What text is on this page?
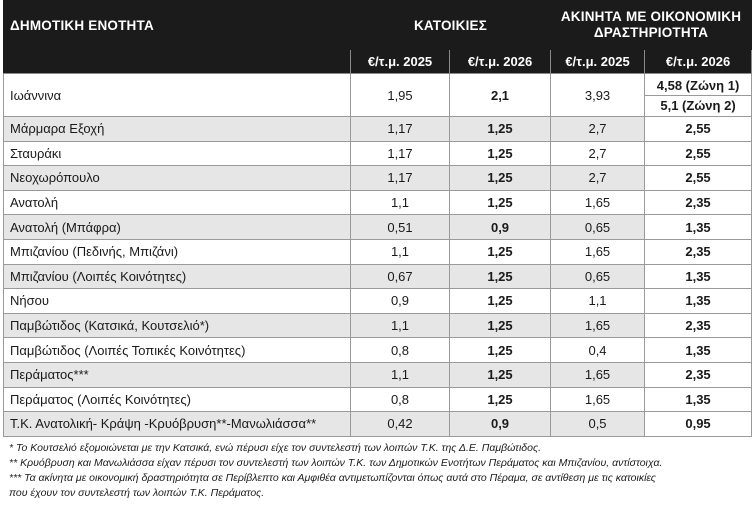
ΔΗΜΟΤΙΚΗ ΕΝΟΤΗΤΑ	ΚΑΤΟΙΚΙΕΣ		ΑΚΙΝΗΤΑ ΜΕ ΟΙΚΟΝΟΜΙΚΗ ΔΡΑΣΤΗΡΙΟΤΗΤΑ	
	€/τ.μ. 2025	€/τ.μ. 2026	€/τ.μ. 2025	€/τ.μ. 2026
Ιωάννινα	1,95	2,1	3,93	4,58 (Ζώνη 1)
5,1 (Ζώνη 2)

Μάρμαρα Εξοχή	1,17	1,25	2,7	2,55
Σταυράκι	1,17	1,25	2,7	2,55
Νεοχωρόπουλο	1,17	1,25	2,7	2,55
Ανατολή	1,1	1,25	1,65	2,35
Ανατολή (Μπάφρα)	0,51	0,9	0,65	1,35
Μπιζανίου (Πεδινής, Μπιζάνι)	1,1	1,25	1,65	2,35
Μπιζανίου (Λοιπές Κοινότητες)	0,67	1,25	0,65	1,35
Νήσου	0,9	1,25	1,1	1,35
Παμβώτιδος (Κατσικά, Κουτσελιό*)	1,1	1,25	1,65	2,35
Παμβώτιδος (Λοιπές Τοπικές Κοινότητες)	0,8	1,25	0,4	1,35
Περάματος***	1,1	1,25	1,65	2,35
Περάματος (Λοιπές Κοινότητες)	0,8	1,25	1,65	1,35
Τ.Κ. Ανατολική- Κράψη -Κρυόβρυση**-Μανωλιάσσα**	0,42	0,9	0,5	0,95

* Το Κουτσελιό εξομοιώνεται με την Κατσικά, ενώ πέρυσι είχε τον συντελεστή των λοιπών Τ.Κ. της Δ.Ε. Παμβώτιδος.

** Κρυόβρυση και Μανωλιάσσα είχαν πέρυσι τον συντελεστή των λοιπών Τ.Κ. των Δημοτικών Ενοτήτων Περάματος και Μπιζανίου, αντίστοιχα.

*** Τα ακίνητα με οικονομική δραστηριότητα σε Περίβλεπτο και Αμφιθέα αντιμετωπίζονται όπως αυτά στο Πέραμα, σε αντίθεση με τις κατοικίες

που έχουν τον συντελεστή των λοιπών Τ.Κ. Περάματος.
